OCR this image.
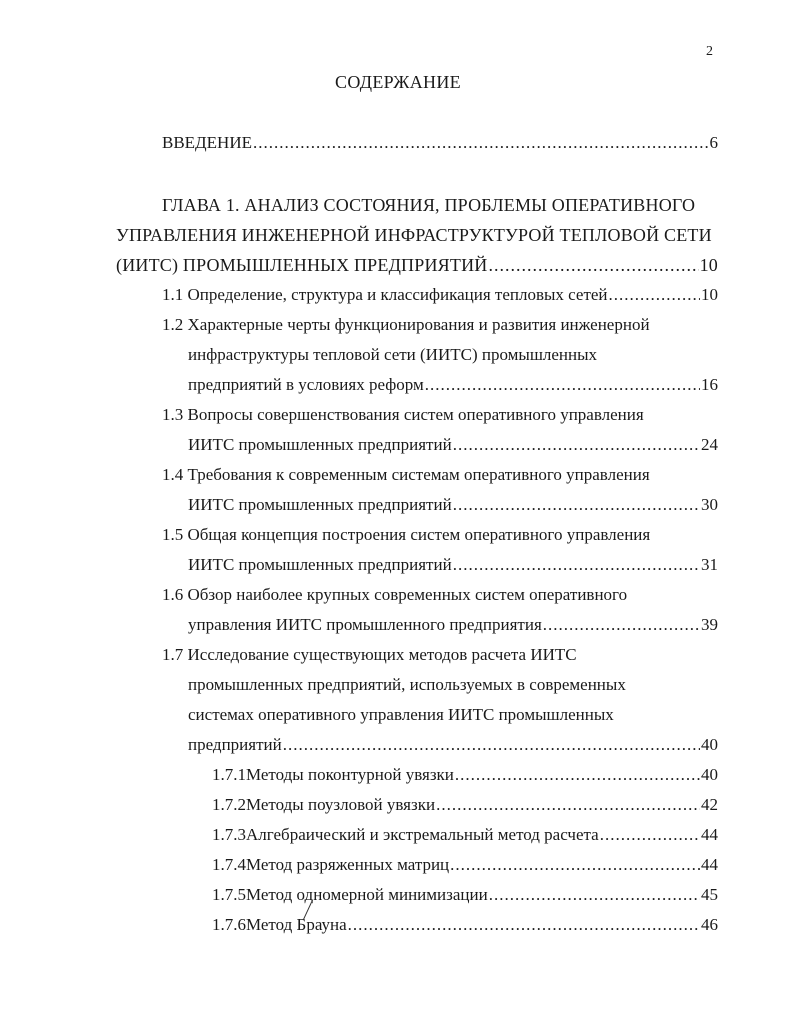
2
СОДЕРЖАНИЕ
ВВЕДЕНИЕ .....	6
ГЛАВА 1. АНАЛИЗ СОСТОЯНИЯ, ПРОБЛЕМЫ ОПЕРАТИВНОГО
УПРАВЛЕНИЯ ИНЖЕНЕРНОЙ ИНФРАСТРУКТУРОЙ ТЕПЛОВОЙ СЕТИ
(ИИТС) ПРОМЫШЛЕННЫХ ПРЕДПРИЯТИЙ .....	10
1.1 Определение, структура и классификация тепловых сетей .....	10
1.2 Характерные черты функционирования и развития инженерной
инфраструктуры тепловой сети (ИИТС) промышленных
предприятий в условиях реформ .....	16
1.3 Вопросы совершенствования систем оперативного управления
ИИТС промышленных предприятий .....	24
1.4 Требования к современным системам оперативного управления
ИИТС промышленных предприятий .....	30
1.5 Общая концепция построения систем оперативного управления
ИИТС промышленных предприятий .....	31
1.6 Обзор наиболее крупных современных систем оперативного
управления ИИТС промышленного предприятия .....	39
1.7 Исследование существующих методов расчета ИИТС
промышленных предприятий, используемых в современных
системах оперативного управления ИИТС промышленных
предприятий .....	40
1.7.1 Методы поконтурной увязки .....	40
1.7.2 Методы поузловой увязки .....	42
1.7.3 Алгебраический и экстремальный метод расчета .....	44
1.7.4 Метод разряженных матриц .....	44
1.7.5 Метод одномерной минимизации .....	45
1.7.6 Метод Брауна .....	46
